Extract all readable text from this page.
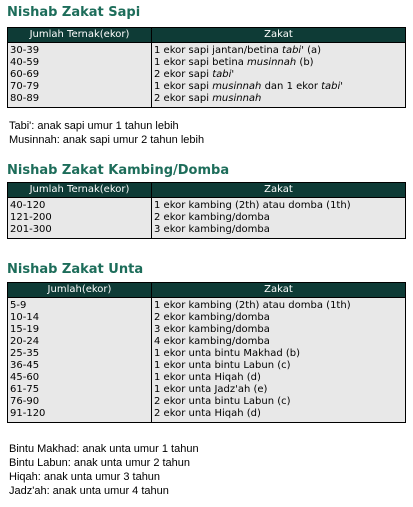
Nishab Zakat Sapi
Jumlah Ternak(ekor)	Zakat
30-39	1 ekor sapi jantan/betina tabi' (a)
40-59	1 ekor sapi betina musinnah (b)
60-69	2 ekor sapi tabi'
70-79	1 ekor sapi musinnah dan 1 ekor tabi'
80-89	2 ekor sapi musinnah
Tabi': anak sapi umur 1 tahun lebih
Musinnah: anak sapi umur 2 tahun lebih
Nishab Zakat Kambing/Domba
Jumlah Ternak(ekor)	Zakat
40-120	1 ekor kambing (2th) atau domba (1th)
121-200	2 ekor kambing/domba
201-300	3 ekor kambing/domba
Nishab Zakat Unta
Jumlah(ekor)	Zakat
5-9	1 ekor kambing (2th) atau domba (1th)
10-14	2 ekor kambing/domba
15-19	3 ekor kambing/domba
20-24	4 ekor kambing/domba
25-35	1 ekor unta bintu Makhad (b)
36-45	1 ekor unta bintu Labun (c)
45-60	1 ekor unta Hiqah (d)
61-75	1 ekor unta Jadz'ah (e)
76-90	2 ekor unta bintu Labun (c)
91-120	2 ekor unta Hiqah (d)
Bintu Makhad: anak unta umur 1 tahun
Bintu Labun: anak unta umur 2 tahun
Hiqah: anak unta umur 3 tahun
Jadz'ah: anak unta umur 4 tahun
